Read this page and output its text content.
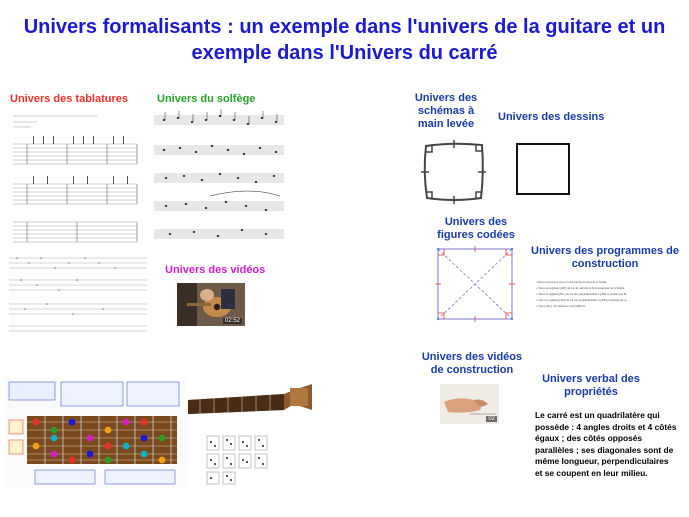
Univers formalisants : un exemple dans l'univers de la guitare et un exemple dans l'Univers du carré
Univers des tablatures	Univers du solfège
Univers des vidéos
02:52
Univers des schémas à main levée
Univers des dessins
Univers des figures codées
Univers des programmes de construction
o Place un point A vers le bord gauche en haut de ta feuille.
o Trace un segment [AB] de 14 cm, suivant le bord supérieur de ta feuille.
o Trace le segment [BC] de 14 cm, perpendiculaire à [AB] et passant par B.
o Trace le segment [AD] de 14 cm, perpendiculaire à [AB] et passant par A.
o Trace [DC]. Tu obtiens le carré ABCD.
Univers des vidéos de construction
02
Univers verbal des propriétés
Le carré est un quadrilatère qui possède : 4 angles droits et 4 côtés égaux ; des côtés opposés parallèles ; ses diagonales sont de même longueur, perpendiculaires et se coupent en leur milieu.
